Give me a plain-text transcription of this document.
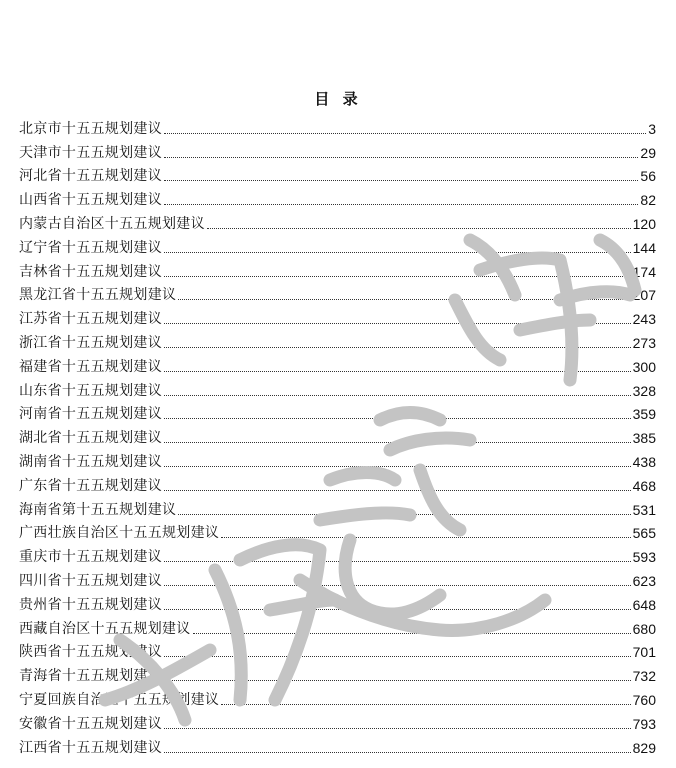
目 录
北京市十五五规划建议	3
天津市十五五规划建议	29
河北省十五五规划建议	56
山西省十五五规划建议	82
内蒙古自治区十五五规划建议	120
辽宁省十五五规划建议	144
吉林省十五五规划建议	174
黑龙江省十五五规划建议	207
江苏省十五五规划建议	243
浙江省十五五规划建议	273
福建省十五五规划建议	300
山东省十五五规划建议	328
河南省十五五规划建议	359
湖北省十五五规划建议	385
湖南省十五五规划建议	438
广东省十五五规划建议	468
海南省第十五五规划建议	531
广西壮族自治区十五五规划建议	565
重庆市十五五规划建议	593
四川省十五五规划建议	623
贵州省十五五规划建议	648
西藏自治区十五五规划建议	680
陕西省十五五规划建议	701
青海省十五五规划建议	732
宁夏回族自治区十五五规划建议	760
安徽省十五五规划建议	793
江西省十五五规划建议	829
